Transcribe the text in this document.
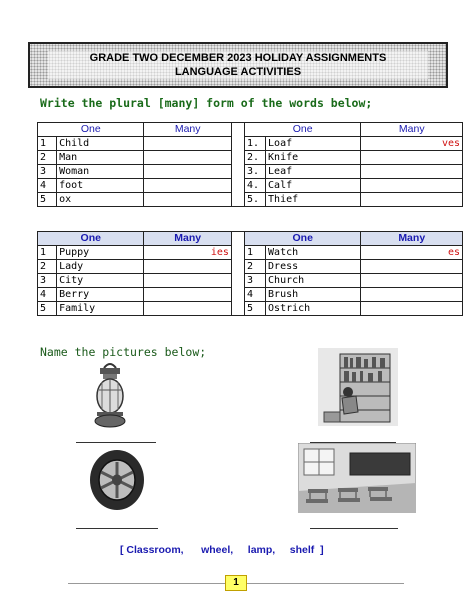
GRADE TWO DECEMBER 2023 HOLIDAY ASSIGNMENTS
LANGUAGE ACTIVITIES
Write the plural [many] form of the words below;
One		Many		One		Many
1	Child			1.	Loaf	ves
2	Man			2.	Knife	
3	Woman			3.	Leaf	
4	foot			4.	Calf	
5	ox			5.	Thief	
One		Many		One		Many
1	Puppy	ies		1	Watch	es
2	Lady			2	Dress	
3	City			3	Church	
4	Berry			4	Brush	
5	Family			5	Ostrich	
Name the pictures below;
[ Classroom,      wheel,     lamp,     shelf  ]
1
